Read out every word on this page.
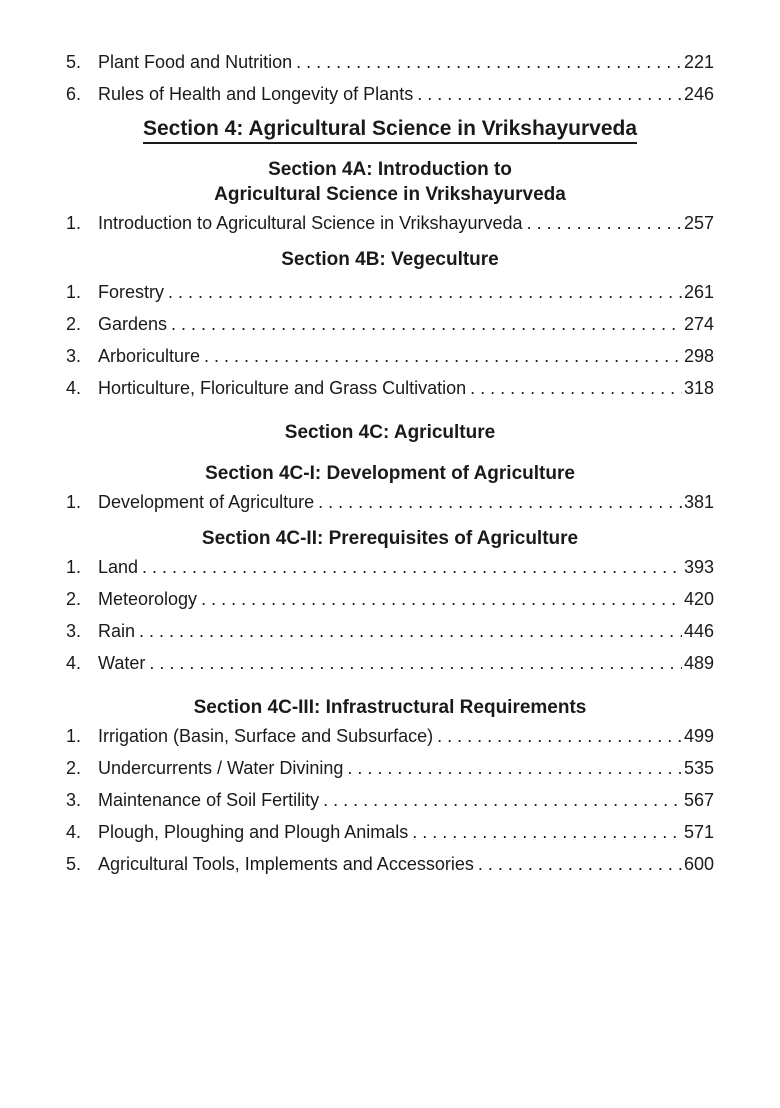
5. Plant Food and Nutrition . . .	221
6. Rules of Health and Longevity of Plants . . .	246
Section 4: Agricultural Science in Vrikshayurveda
Section 4A: Introduction to
Agricultural Science in Vrikshayurveda
1. Introduction to Agricultural Science in Vrikshayurveda . . .	257
Section 4B: Vegeculture
1. Forestry . . .	261
2. Gardens . . .	274
3. Arboriculture . . .	298
4. Horticulture, Floriculture and Grass Cultivation . . .	318
Section 4C: Agriculture
Section 4C-I: Development of Agriculture
1. Development of Agriculture . . .	381
Section 4C-II: Prerequisites of Agriculture
1. Land . . .	393
2. Meteorology . . .	420
3. Rain . . .	446
4. Water . . .	489
Section 4C-III: Infrastructural Requirements
1. Irrigation (Basin, Surface and Subsurface) . . .	499
2. Undercurrents / Water Divining . . .	535
3. Maintenance of Soil Fertility . . .	567
4. Plough, Ploughing and Plough Animals . . .	571
5. Agricultural Tools, Implements and Accessories . . .	600
